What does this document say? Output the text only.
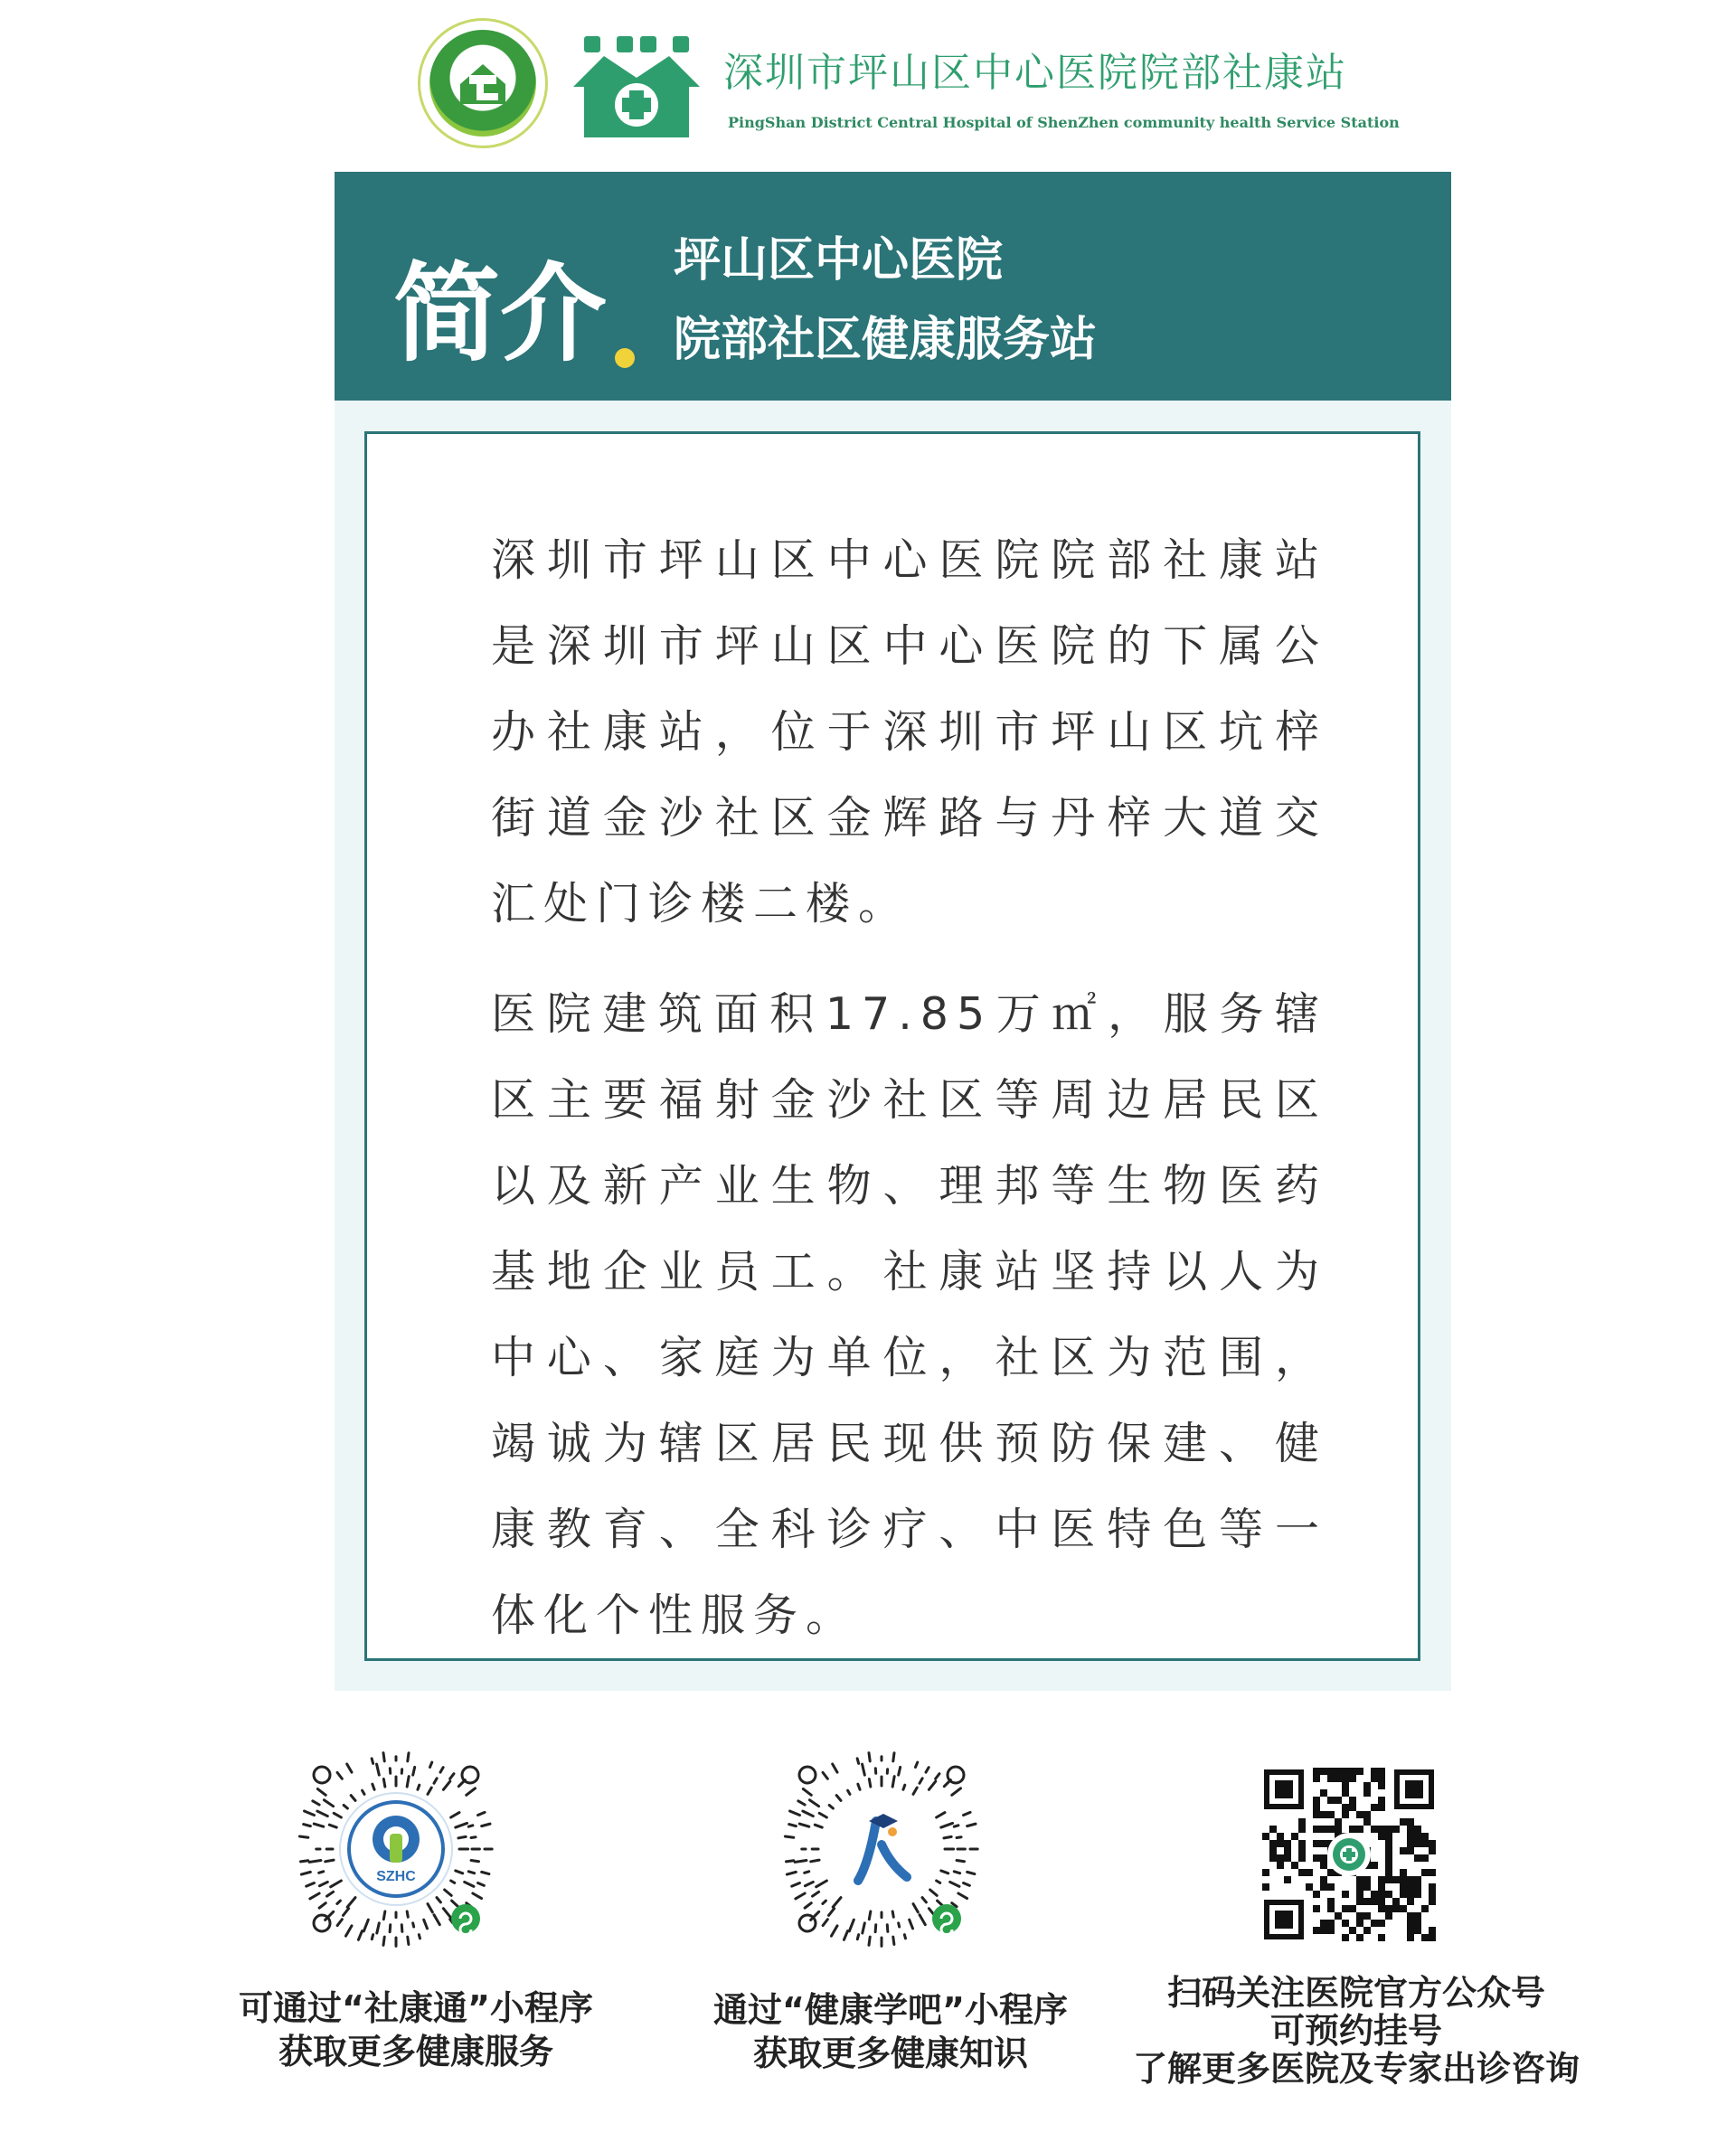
深圳市坪山区中心医院院部社康站
PingShan District Central Hospital of ShenZhen community health Service Station
简介 坪山区中心医院
院部社区健康服务站
深圳市坪山区中心医院院部社康站是深圳市坪山区中心医院的下属公办社康站，位于深圳市坪山区坑梓街道金沙社区金辉路与丹梓大道交汇处门诊楼二楼。
医院建筑面积17.85万㎡，服务辖区主要福射金沙社区等周边居民区以及新产业生物、理邦等生物医药基地企业员工。社康站坚持以人为中心、家庭为单位，社区为范围，竭诚为辖区居民现供预防保建、健康教育、全科诊疗、中医特色等一体化个性服务。
SZHC
可通过“社康通”小程序
获取更多健康服务
通过“健康学吧”小程序
获取更多健康知识
扫码关注医院官方公众号
可预约挂号
了解更多医院及专家出诊咨询
